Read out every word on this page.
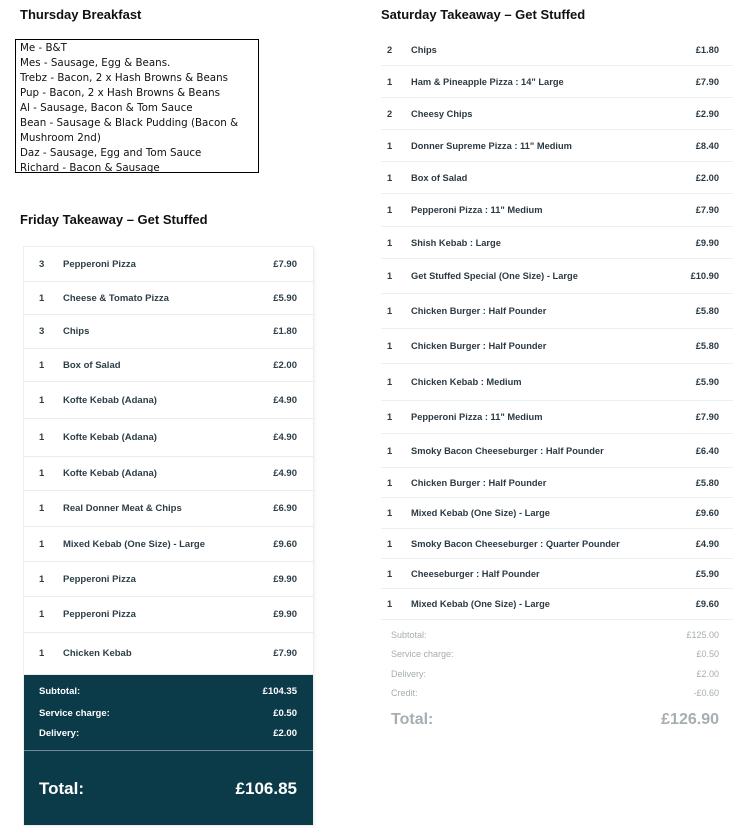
Thursday Breakfast
Me - B&T
Mes - Sausage, Egg & Beans.
Trebz - Bacon, 2 x Hash Browns & Beans
Pup - Bacon, 2 x Hash Browns & Beans
Al - Sausage, Bacon & Tom Sauce
Bean - Sausage & Black Pudding (Bacon & Mushroom 2nd)
Daz - Sausage, Egg and Tom Sauce
Richard - Bacon & Sausage
Friday Takeaway – Get Stuffed
3	Pepperoni Pizza	£7.90
1	Cheese & Tomato Pizza	£5.90
3	Chips	£1.80
1	Box of Salad	£2.00
1	Kofte Kebab (Adana)	£4.90
1	Kofte Kebab (Adana)	£4.90
1	Kofte Kebab (Adana)	£4.90
1	Real Donner Meat & Chips	£6.90
1	Mixed Kebab (One Size) - Large	£9.60
1	Pepperoni Pizza	£9.90
1	Pepperoni Pizza	£9.90
1	Chicken Kebab	£7.90
Subtotal:	£104.35
Service charge:	£0.50
Delivery:	£2.00
Total:	£106.85
Saturday Takeaway – Get Stuffed
2	Chips	£1.80
1	Ham & Pineapple Pizza : 14" Large	£7.90
2	Cheesy Chips	£2.90
1	Donner Supreme Pizza : 11" Medium	£8.40
1	Box of Salad	£2.00
1	Pepperoni Pizza : 11" Medium	£7.90
1	Shish Kebab : Large	£9.90
1	Get Stuffed Special (One Size) - Large	£10.90
1	Chicken Burger : Half Pounder	£5.80
1	Chicken Burger : Half Pounder	£5.80
1	Chicken Kebab : Medium	£5.90
1	Pepperoni Pizza : 11" Medium	£7.90
1	Smoky Bacon Cheeseburger : Half Pounder	£6.40
1	Chicken Burger : Half Pounder	£5.80
1	Mixed Kebab (One Size) - Large	£9.60
1	Smoky Bacon Cheeseburger : Quarter Pounder	£4.90
1	Cheeseburger : Half Pounder	£5.90
1	Mixed Kebab (One Size) - Large	£9.60
Subtotal:	£125.00
Service charge:	£0.50
Delivery:	£2.00
Credit:	-£0.60
Total:	£126.90
